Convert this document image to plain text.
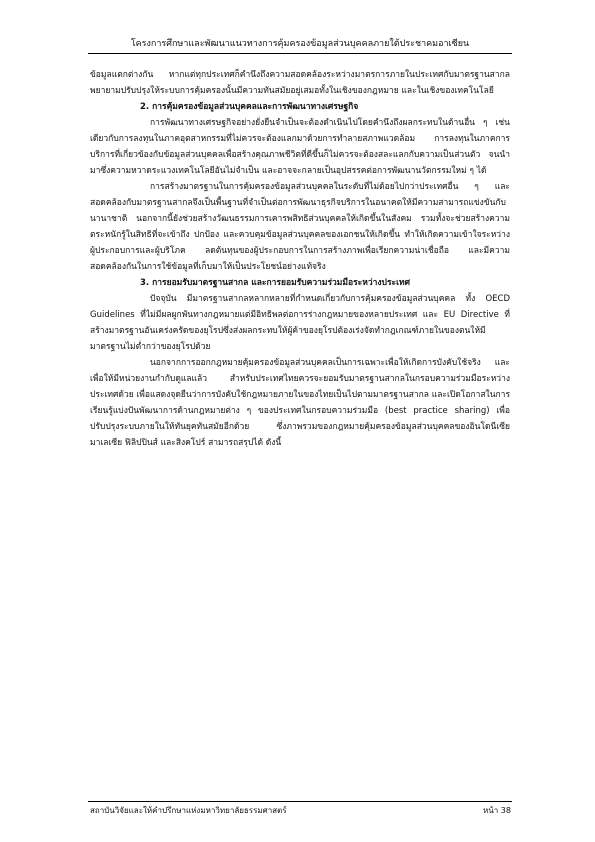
โครงการศึกษาและพัฒนาแนวทางการคุ้มครองข้อมูลส่วนบุคคลภายใต้ประชาคมอาเซียน

ข้อมูลแตกต่างกัน หากแต่ทุกประเทศก็คำนึงถึงความสอดคล้องระหว่างมาตรการภายในประเทศกับมาตรฐานสากล พยายามปรับปรุงให้ระบบการคุ้มครองนั้นมีความทันสมัยอยู่เสมอทั้งในเชิงของกฎหมาย และในเชิงของเทคโนโลยี

2. การคุ้มครองข้อมูลส่วนบุคคลและการพัฒนาทางเศรษฐกิจ

การพัฒนาทางเศรษฐกิจอย่างยั่งยืนจำเป็นจะต้องดำเนินไปโดยคำนึงถึงผลกระทบในด้านอื่น ๆ เช่นเดียวกับการลงทุนในภาคอุตสาหกรรมที่ไม่ควรจะต้องแลกมาด้วยการทำลายสภาพแวดล้อม การลงทุนในภาคการบริการที่เกี่ยวข้องกับข้อมูลส่วนบุคคลเพื่อสร้างคุณภาพชีวิตที่ดีขึ้นก็ไม่ควรจะต้องสละแลกกับความเป็นส่วนตัว จนนำมาซึ่งความหวาดระแวงเทคโนโลยีอันไม่จำเป็น และอาจจะกลายเป็นอุปสรรคต่อการพัฒนานวัตกรรมใหม่ ๆ ได้

การสร้างมาตรฐานในการคุ้มครองข้อมูลส่วนบุคคลในระดับที่ไม่ด้อยไปกว่าประเทศอื่น ๆ และสอดคล้องกับมาตรฐานสากลจึงเป็นพื้นฐานที่จำเป็นต่อการพัฒนาธุรกิจบริการในอนาคตให้มีความสามารถแข่งขันกับนานาชาติ นอกจากนี้ยังช่วยสร้างวัฒนธรรมการเคารพสิทธิส่วนบุคคลให้เกิดขึ้นในสังคม รวมทั้งจะช่วยสร้างความตระหนักรู้ในสิทธิที่จะเข้าถึง ปกป้อง และควบคุมข้อมูลส่วนบุคคลของเอกชนให้เกิดขึ้น ทำให้เกิดความเข้าใจระหว่างผู้ประกอบการและผู้บริโภค ลดต้นทุนของผู้ประกอบการในการสร้างภาพเพื่อเรียกความน่าเชื่อถือ และมีความสอดคล้องกันในการใช้ข้อมูลที่เก็บมาให้เป็นประโยชน์อย่างแท้จริง

3. การยอมรับมาตรฐานสากล และการยอมรับความร่วมมือระหว่างประเทศ

ปัจจุบัน มีมาตรฐานสากลหลากหลายที่กำหนดเกี่ยวกับการคุ้มครองข้อมูลส่วนบุคคล ทั้ง OECD Guidelines ที่ไม่มีผลผูกพันทางกฎหมายแต่มีอิทธิพลต่อการร่างกฎหมายของหลายประเทศ และ EU Directive ที่สร้างมาตรฐานอันเคร่งครัดของยุโรปซึ่งส่งผลกระทบให้ผู้ค้าของยุโรปต้องเร่งจัดทำกฎเกณฑ์ภายในของตนให้มีมาตรฐานไม่ต่ำกว่าของยุโรปด้วย

นอกจากการออกกฎหมายคุ้มครองข้อมูลส่วนบุคคลเป็นการเฉพาะเพื่อให้เกิดการบังคับใช้จริง และเพื่อให้มีหน่วยงานกำกับดูแลแล้ว สำหรับประเทศไทยควรจะยอมรับมาตรฐานสากลในกรอบความร่วมมือระหว่างประเทศด้วย เพื่อแสดงจุดยืนว่าการบังคับใช้กฎหมายภายในของไทยเป็นไปตามมาตรฐานสากล และเปิดโอกาสในการเรียนรู้แบ่งปันพัฒนาการด้านกฎหมายต่าง ๆ ของประเทศในกรอบความร่วมมือ (best practice sharing) เพื่อปรับปรุงระบบภายในให้ทันยุคทันสมัยอีกด้วย ซึ่งภาพรวมของกฎหมายคุ้มครองข้อมูลส่วนบุคคลของอินโดนีเซีย มาเลเซีย ฟิลิปปินส์ และสิงคโปร์ สามารถสรุปได้ ดังนี้

สถาบันวิจัยและให้คำปรึกษาแห่งมหาวิทยาลัยธรรมศาสตร์	หน้า 38
